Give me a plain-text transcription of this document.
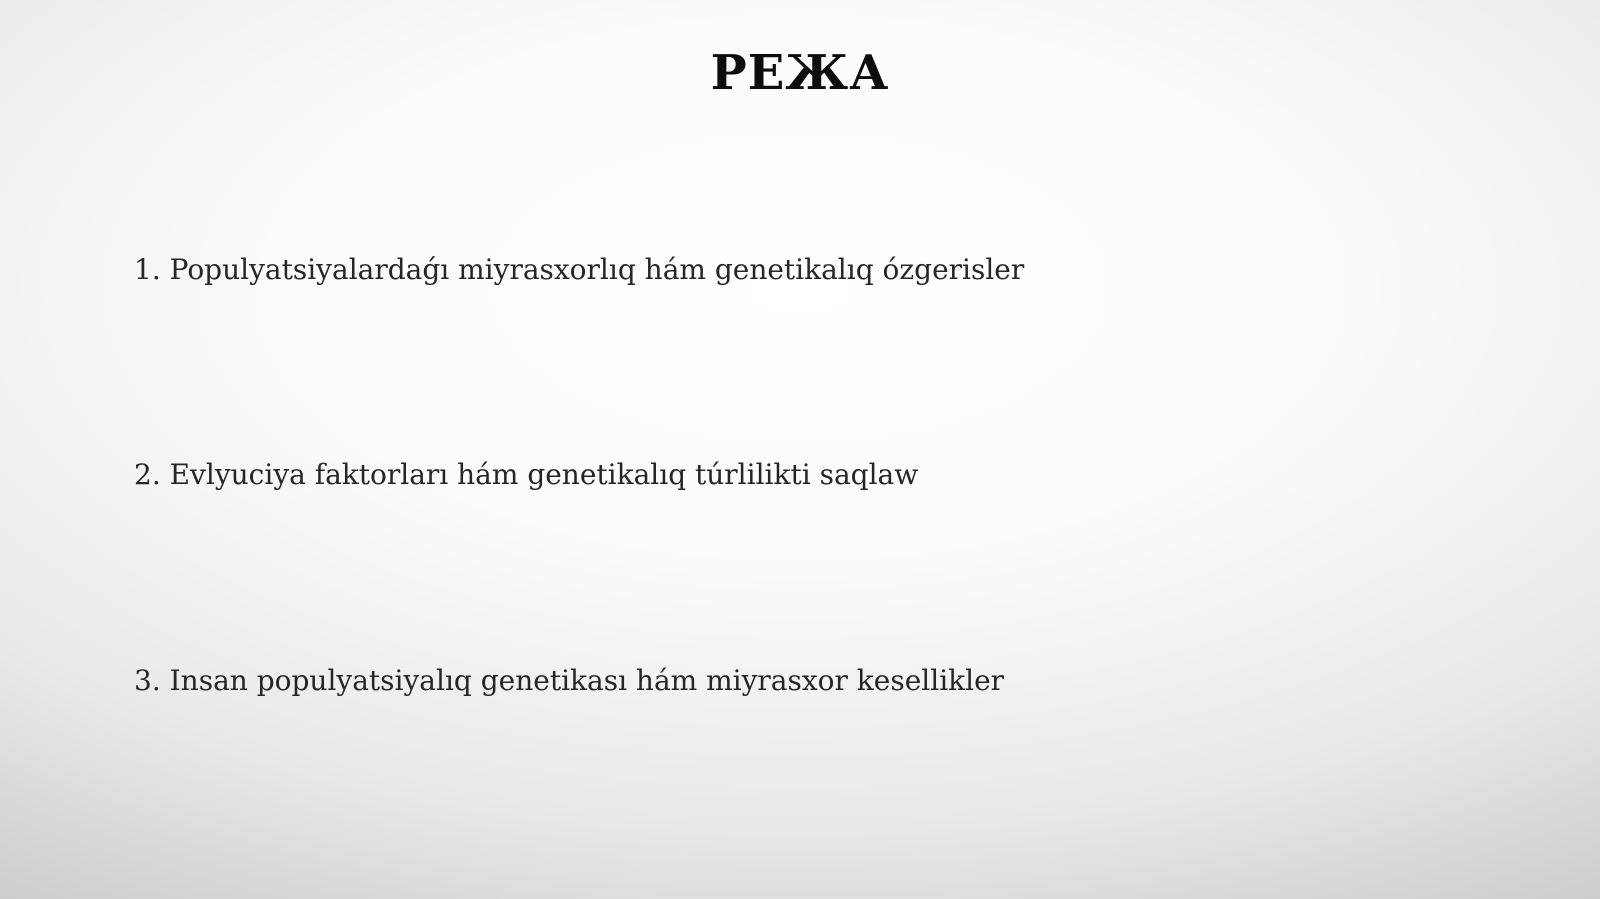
РЕЖА
1. Populyatsiyalardaǵı miyrasxorlıq hám genetikalıq ózgerisler
2. Evlyuciya faktorları hám genetikalıq túrlilikti saqlaw
3. Insan populyatsiyalıq genetikası hám miyrasxor kesellikler
